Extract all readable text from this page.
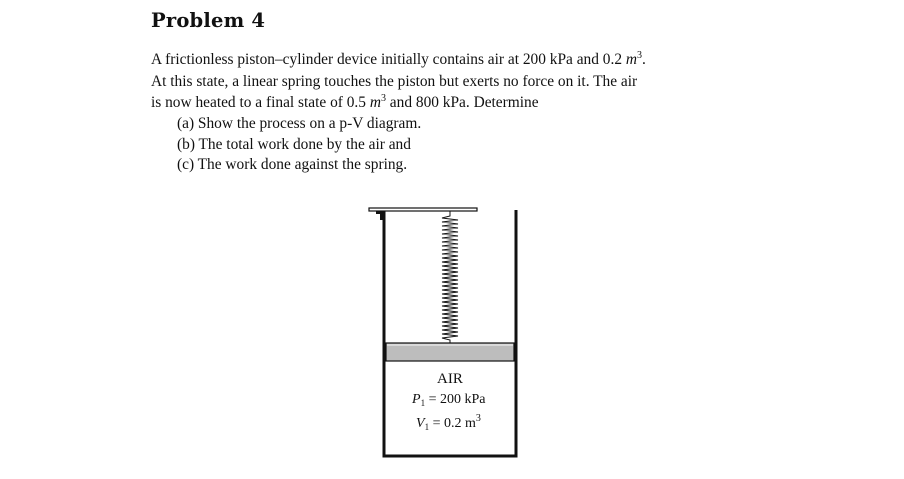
Problem 4
A frictionless piston–cylinder device initially contains air at 200 kPa and 0.2 $m^3$.
At this state, a linear spring touches the piston but exerts no force on it. The air
is now heated to a final state of 0.5 $m^3$ and 800 kPa. Determine
(a) Show the process on a p-V diagram.
(b) The total work done by the air and
(c) The work done against the spring.
AIR
$P_1 = 200$ kPa
$V_1 = 0.2$ $m^3$
